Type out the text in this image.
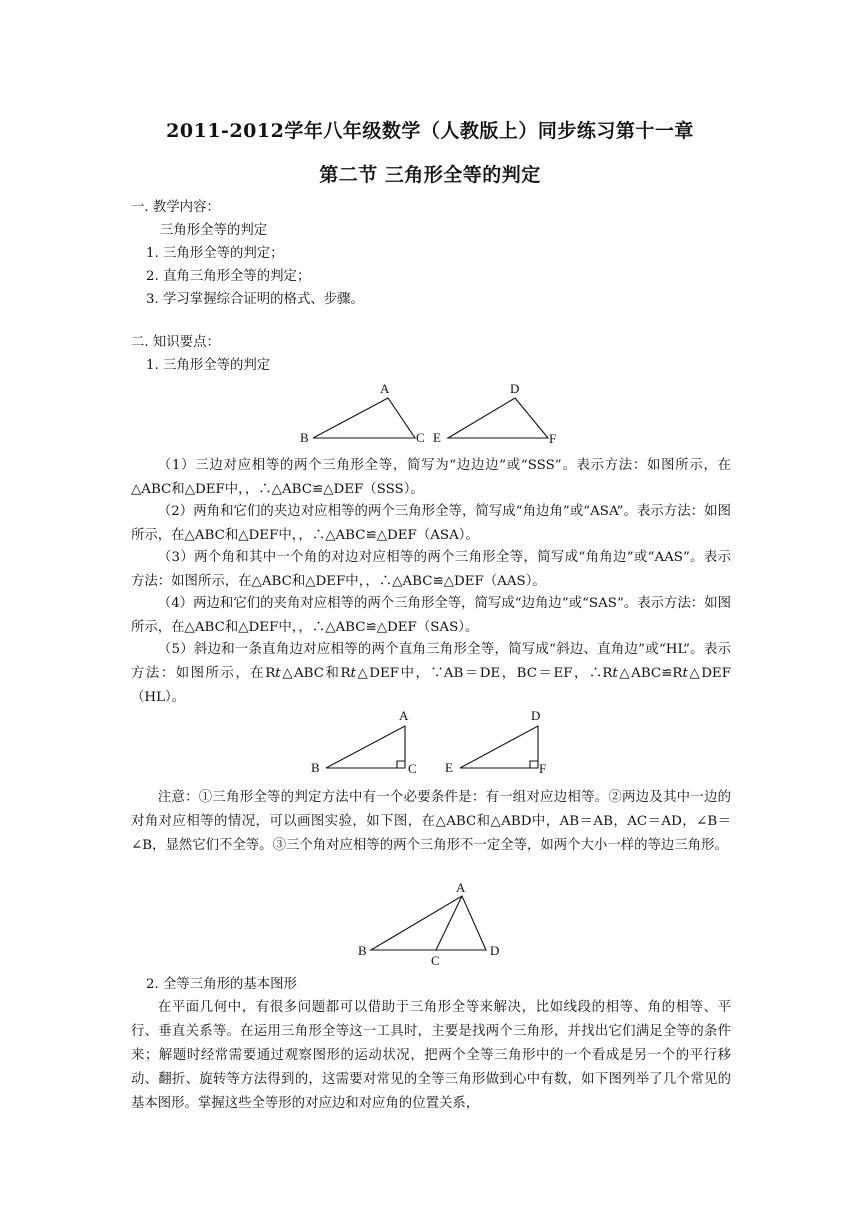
2011-2012学年八年级数学（人教版上）同步练习第十一章
第二节 三角形全等的判定
一. 教学内容：
三角形全等的判定
1. 三角形全等的判定；
2. 直角三角形全等的判定；
3. 学习掌握综合证明的格式、步骤。
二. 知识要点：
1. 三角形全等的判定
A
B	C
D
E	F
（1）三边对应相等的两个三角形全等，简写为“边边边”或“SSS”。表示方法：如图所示，在△ABC和△DEF中，，∴△ABC≌△DEF（SSS）。
（2）两角和它们的夹边对应相等的两个三角形全等，简写成“角边角”或“ASA”。表示方法：如图所示，在△ABC和△DEF中，，∴△ABC≌△DEF（ASA）。
（3）两个角和其中一个角的对边对应相等的两个三角形全等，简写成“角角边”或“AAS”。表示方法：如图所示，在△ABC和△DEF中，，∴△ABC≌△DEF（AAS）。
（4）两边和它们的夹角对应相等的两个三角形全等，简写成“边角边”或“SAS”。表示方法：如图所示，在△ABC和△DEF中，，∴△ABC≌△DEF（SAS）。
（5）斜边和一条直角边对应相等的两个直角三角形全等，简写成“斜边、直角边”或“HL”。表示方法：如图所示，在Rt△ABC和Rt△DEF中，∵AB＝DE，BC＝EF，∴Rt△ABC≌Rt△DEF（HL）。
A
B	C
D
E	F
注意：①三角形全等的判定方法中有一个必要条件是：有一组对应边相等。②两边及其中一边的对角对应相等的情况，可以画图实验，如下图，在△ABC和△ABD中，AB＝AB，AC＝AD，∠B＝∠B，显然它们不全等。③三个角对应相等的两个三角形不一定全等，如两个大小一样的等边三角形。
A
B
C
D
2. 全等三角形的基本图形
在平面几何中，有很多问题都可以借助于三角形全等来解决，比如线段的相等、角的相等、平行、垂直关系等。在运用三角形全等这一工具时，主要是找两个三角形，并找出它们满足全等的条件来；解题时经常需要通过观察图形的运动状况，把两个全等三角形中的一个看成是另一个的平行移动、翻折、旋转等方法得到的，这需要对常见的全等三角形做到心中有数，如下图列举了几个常见的基本图形。掌握这些全等形的对应边和对应角的位置关系，
